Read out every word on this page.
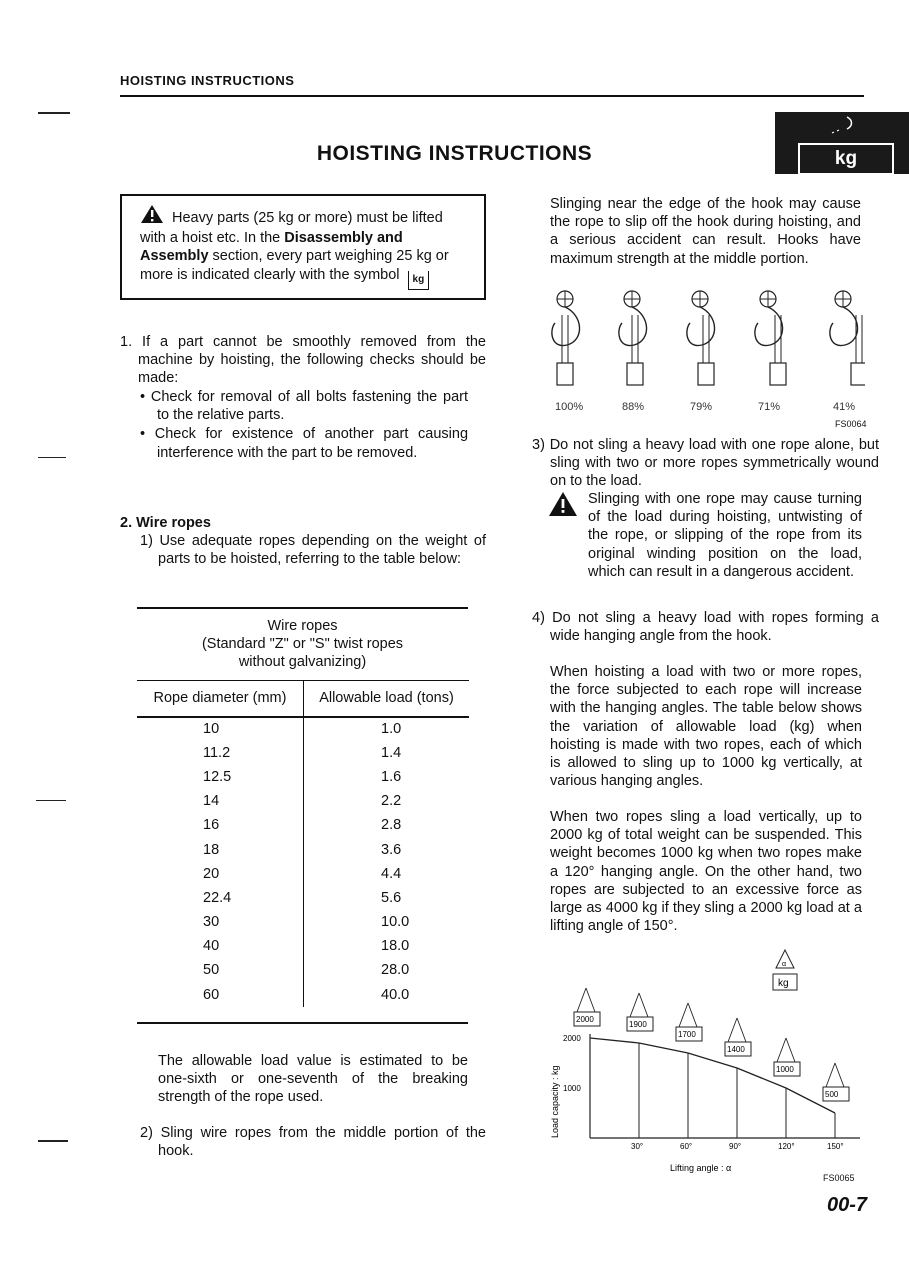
HOISTING INSTRUCTIONS
HOISTING INSTRUCTIONS	kg
Heavy parts (25 kg or more) must be lifted with a hoist etc. In the Disassembly and Assembly section, every part weighing 25 kg or more is indicated clearly with the symbol kg
1. If a part cannot be smoothly removed from the machine by hoisting, the following checks should be made:
• Check for removal of all bolts fastening the part to the relative parts.
• Check for existence of another part causing interference with the part to be removed.
2. Wire ropes
1) Use adequate ropes depending on the weight of parts to be hoisted, referring to the table below:
Wire ropes
(Standard "Z" or "S" twist ropes
without galvanizing)
Rope diameter (mm)	Allowable load (tons)
10	1.0
11.2	1.4
12.5	1.6
14	2.2
16	2.8
18	3.6
20	4.4
22.4	5.6
30	10.0
40	18.0
50	28.0
60	40.0
The allowable load value is estimated to be one-sixth or one-seventh of the breaking strength of the rope used.
2) Sling wire ropes from the middle portion of the hook.
Slinging near the edge of the hook may cause the rope to slip off the hook during hoisting, and a serious accident can result. Hooks have maximum strength at the middle portion.
100%	88%	79%	71%	41%
FS0064
3) Do not sling a heavy load with one rope alone, but sling with two or more ropes symmetrically wound on to the load.
Slinging with one rope may cause turning of the load during hoisting, untwisting of the rope, or slipping of the rope from its original winding position on the load, which can result in a dangerous accident.
4) Do not sling a heavy load with ropes forming a wide hanging angle from the hook.
When hoisting a load with two or more ropes, the force subjected to each rope will increase with the hanging angles. The table below shows the variation of allowable load (kg) when hoisting is made with two ropes, each of which is allowed to sling up to 1000 kg vertically, at various hanging angles.
When two ropes sling a load vertically, up to 2000 kg of total weight can be suspended. This weight becomes 1000 kg when two ropes make a 120° hanging angle. On the other hand, two ropes are subjected to an excessive force as large as 4000 kg if they sling a 2000 kg load at a lifting angle of 150°.
30°	60°	90°	120°	150°
2000
1000
2000
1900
1700
1400
1000
500
α
kg
Lifting angle : α
Load capacity : kg
FS0065
00-7
